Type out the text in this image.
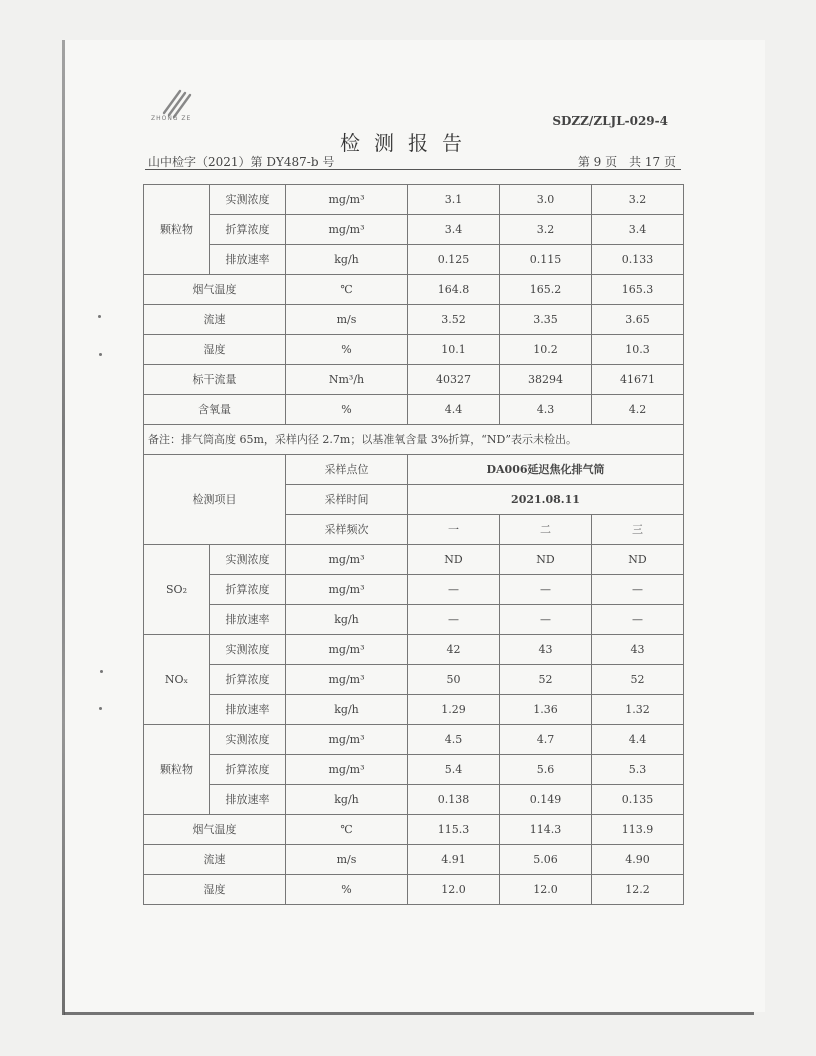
ZHONG ZE	SDZZ/ZLJL-029-4
检测报告
山中检字（2021）第 DY487-b 号	第 9 页　共 17 页
颗粒物	实测浓度	mg/m³	3.1	3.0	3.2
	折算浓度	mg/m³	3.4	3.2	3.4
	排放速率	kg/h	0.125	0.115	0.133
烟气温度		℃	164.8	165.2	165.3
流速		m/s	3.52	3.35	3.65
湿度		%	10.1	10.2	10.3
标干流量		Nm³/h	40327	38294	41671
含氧量		%	4.4	4.3	4.2
备注：排气筒高度 65m，采样内径 2.7m；以基准氧含量 3%折算，“ND”表示未检出。					
检测项目		采样点位	DA006延迟焦化排气筒		
		采样时间	2021.08.11		
		采样频次	一	二	三
SO₂	实测浓度	mg/m³	ND	ND	ND
	折算浓度	mg/m³	—	—	—
	排放速率	kg/h	—	—	—
NOₓ	实测浓度	mg/m³	42	43	43
	折算浓度	mg/m³	50	52	52
	排放速率	kg/h	1.29	1.36	1.32
颗粒物	实测浓度	mg/m³	4.5	4.7	4.4
	折算浓度	mg/m³	5.4	5.6	5.3
	排放速率	kg/h	0.138	0.149	0.135
烟气温度		℃	115.3	114.3	113.9
流速		m/s	4.91	5.06	4.90
湿度		%	12.0	12.0	12.2
